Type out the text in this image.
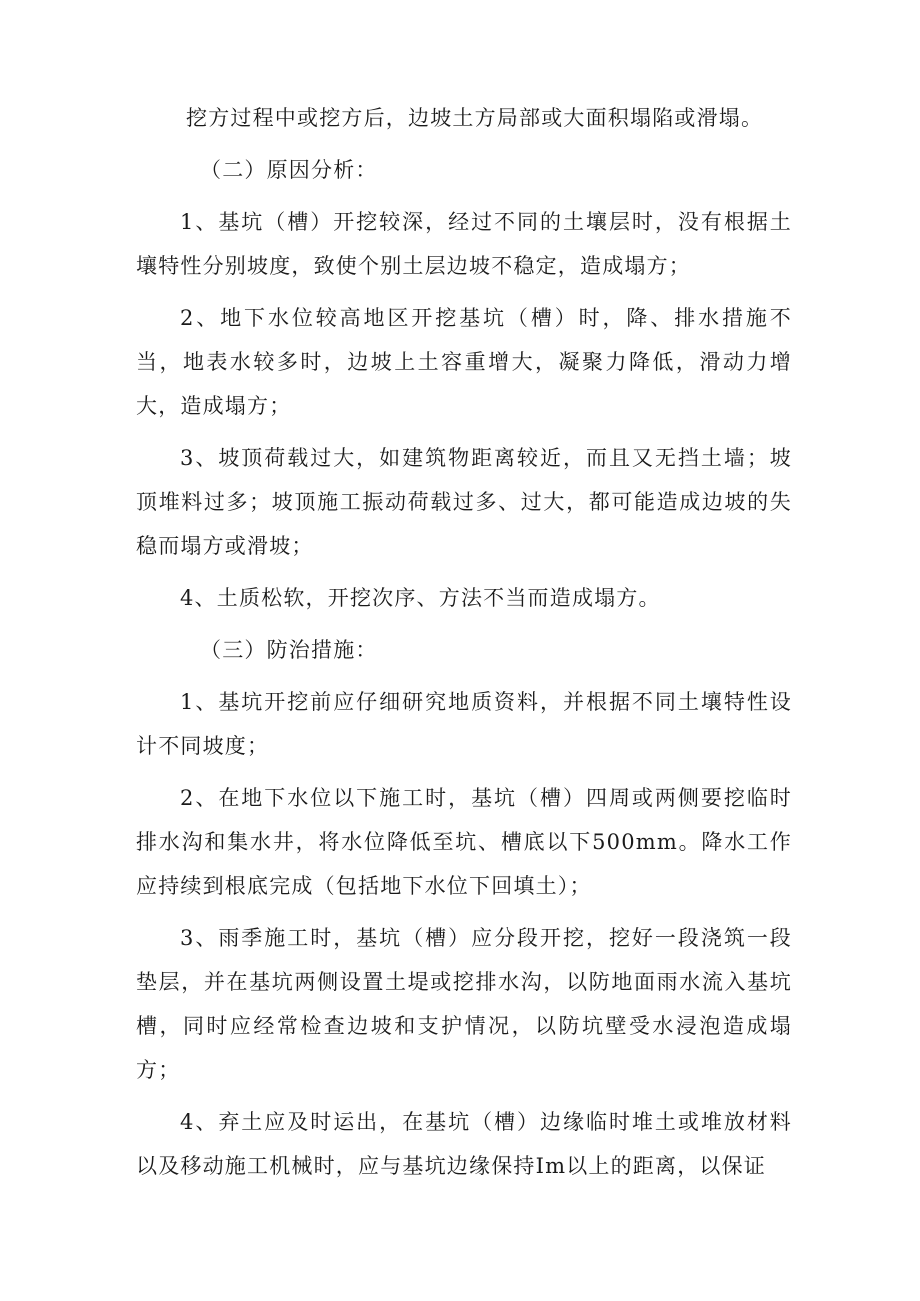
挖方过程中或挖方后，边坡土方局部或大面积塌陷或滑塌。

（二）原因分析：

1、基坑（槽）开挖较深，经过不同的土壤层时，没有根据土壤特性分别坡度，致使个别土层边坡不稳定，造成塌方；

2、地下水位较高地区开挖基坑（槽）时，降、排水措施不当，地表水较多时，边坡上土容重增大，凝聚力降低，滑动力增大，造成塌方；

3、坡顶荷载过大，如建筑物距离较近，而且又无挡土墙；坡顶堆料过多；坡顶施工振动荷载过多、过大，都可能造成边坡的失稳而塌方或滑坡；

4、土质松软，开挖次序、方法不当而造成塌方。

（三）防治措施：

1、基坑开挖前应仔细研究地质资料，并根据不同土壤特性设计不同坡度；

2、在地下水位以下施工时，基坑（槽）四周或两侧要挖临时排水沟和集水井，将水位降低至坑、槽底以下500mm。降水工作应持续到根底完成（包括地下水位下回填土）；

3、雨季施工时，基坑（槽）应分段开挖，挖好一段浇筑一段垫层，并在基坑两侧设置土堤或挖排水沟，以防地面雨水流入基坑槽，同时应经常检查边坡和支护情况，以防坑壁受水浸泡造成塌方；

4、弃土应及时运出，在基坑（槽）边缘临时堆土或堆放材料以及移动施工机械时，应与基坑边缘保持Im以上的距离，以保证
